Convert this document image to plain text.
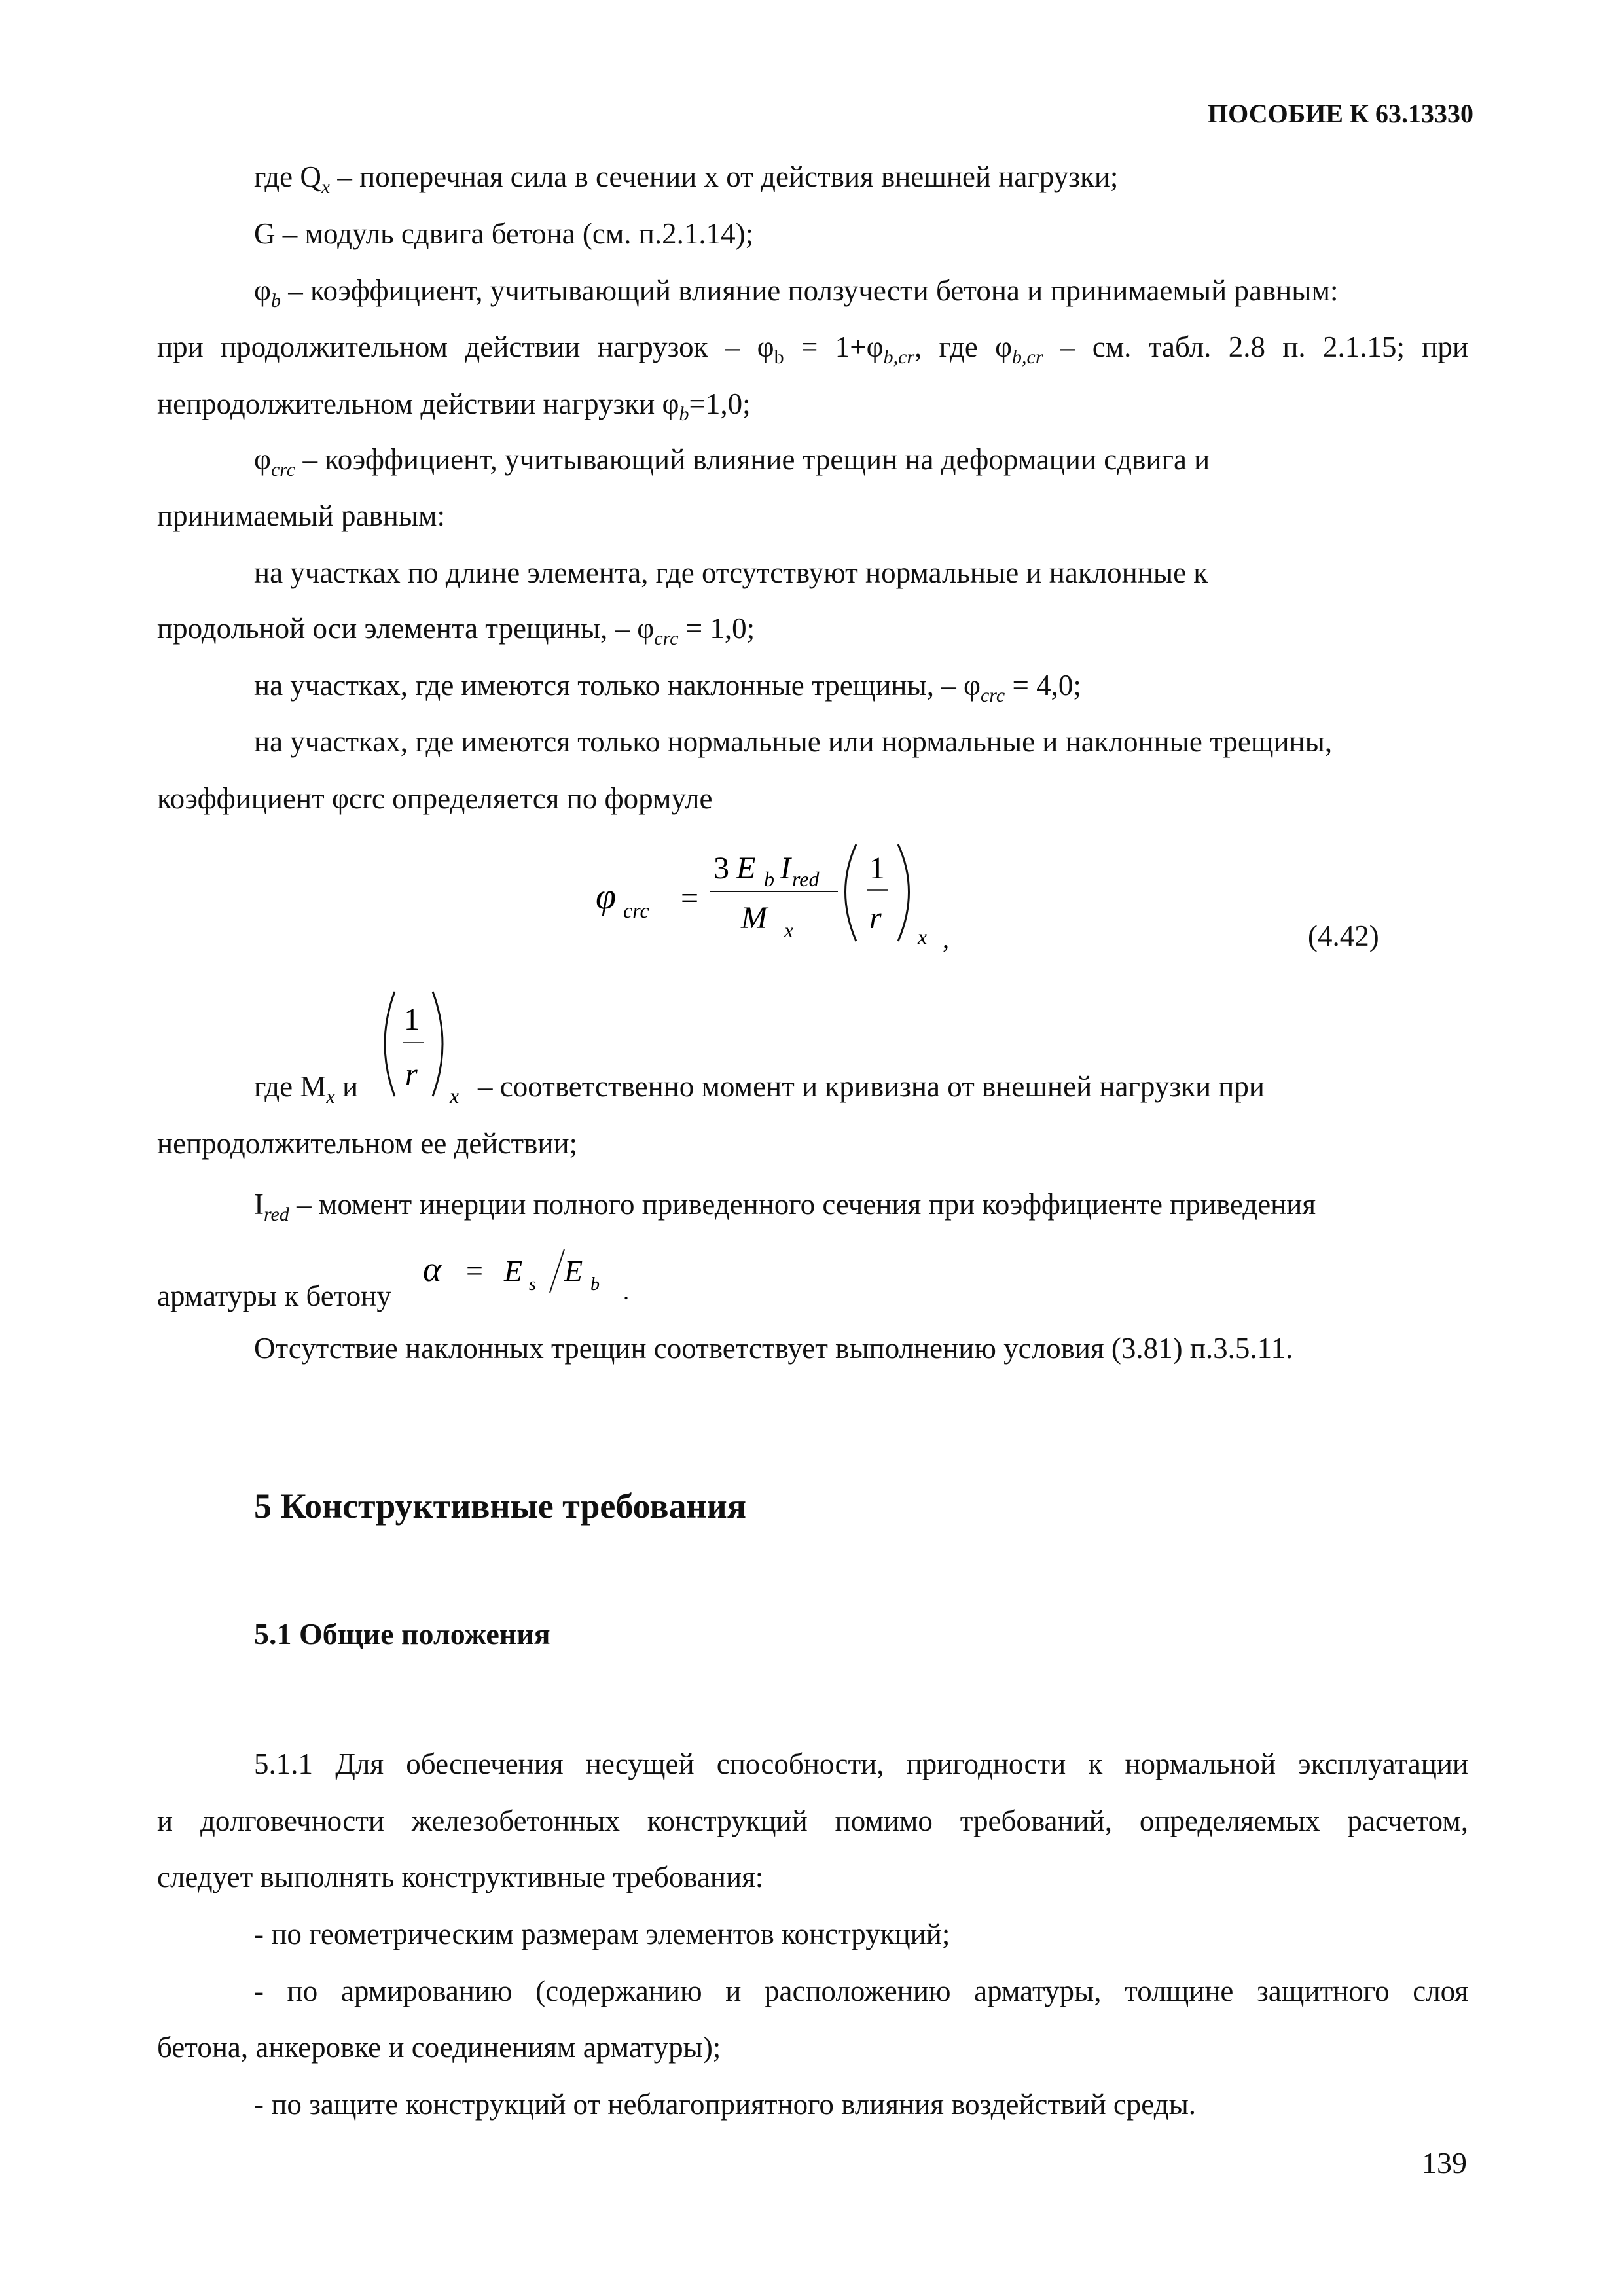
ПОСОБИЕ К 63.13330
где $Q_x$ – поперечная сила в сечении х от действия внешней нагрузки;
G – модуль сдвига бетона (см. п.2.1.14);
$\varphi_b$ – коэффициент, учитывающий влияние ползучести бетона и принимаемый равным:
при продолжительном действии нагрузок – $\varphi_b = 1+\varphi_{b,cr}$, где $\varphi_{b,cr}$ – см. табл. 2.8 п. 2.1.15; при
непродолжительном действии нагрузки $\varphi_b=1,0$;
$\varphi_{crc}$ – коэффициент, учитывающий влияние трещин на деформации сдвига и
принимаемый равным:
на участках по длине элемента, где отсутствуют нормальные и наклонные к
продольной оси элемента трещины, – $\varphi_{crc} = 1,0$;
на участках, где имеются только наклонные трещины, – $\varphi_{crc} = 4,0$;
на участках, где имеются только нормальные или нормальные и наклонные трещины,
коэффициент φcrc определяется по формуле
φ crc =
3 E b I red
M x
1
r
x ,	(4.42)
где $M_x$ и
1
r
x – соответственно момент и кривизна от внешней нагрузки при
непродолжительном ее действии;
$I_{red}$ – момент инерции полного приведенного сечения при коэффициенте приведения
арматуры к бетону
α = E s E b .
Отсутствие наклонных трещин соответствует выполнению условия (3.81) п.3.5.11.
5 Конструктивные требования
5.1 Общие положения
5.1.1 Для обеспечения несущей способности, пригодности к нормальной эксплуатации
и долговечности железобетонных конструкций помимо требований, определяемых расчетом,
следует выполнять конструктивные требования:
- по геометрическим размерам элементов конструкций;
- по армированию (содержанию и расположению арматуры, толщине защитного слоя
бетона, анкеровке и соединениям арматуры);
- по защите конструкций от неблагоприятного влияния воздействий среды.
139
